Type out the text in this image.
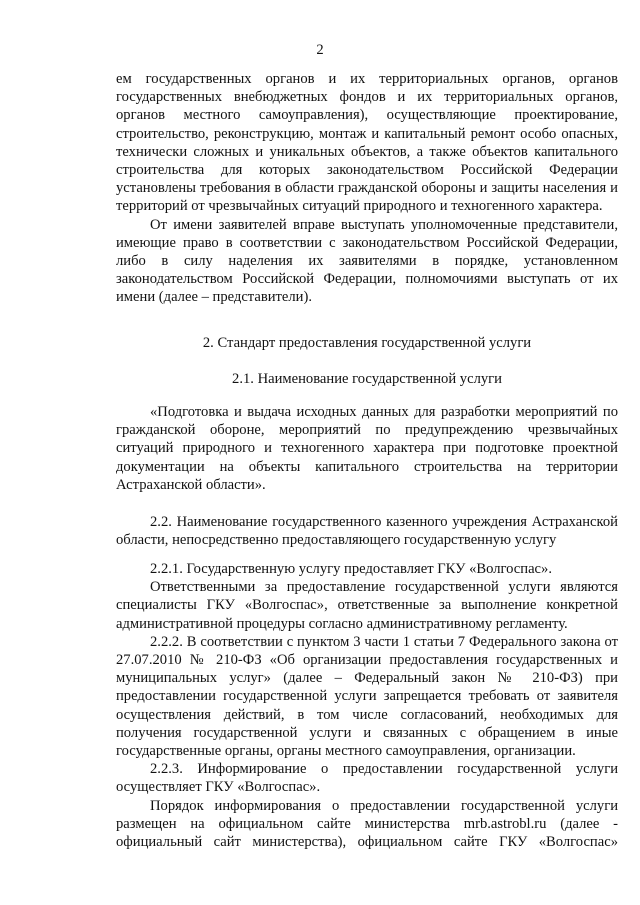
2

ем государственных органов и их территориальных органов, органов государственных внебюджетных фондов и их территориальных органов, органов местного самоуправления), осуществляющие проектирование, строительство, реконструкцию, монтаж и капитальный ремонт особо опасных, технически сложных и уникальных объектов, а также объектов капитального строительства для которых законодательством Российской Федерации установлены требования в области гражданской обороны и защиты населения и территорий от чрезвычайных ситуаций природного и техногенного характера.

От имени заявителей вправе выступать уполномоченные представители, имеющие право в соответствии с законодательством Российской Федерации, либо в силу наделения их заявителями в порядке, установленном законодательством Российской Федерации, полномочиями выступать от их имени (далее – представители).

2. Стандарт предоставления государственной услуги

2.1. Наименование государственной услуги

«Подготовка и выдача исходных данных для разработки мероприятий по гражданской обороне, мероприятий по предупреждению чрезвычайных ситуаций природного и техногенного характера при подготовке проектной документации на объекты капитального строительства на территории Астраханской области».

2.2. Наименование государственного казенного учреждения Астраханской области, непосредственно предоставляющего государственную услугу

2.2.1. Государственную услугу предоставляет ГКУ «Волгоспас».

Ответственными за предоставление государственной услуги являются специалисты ГКУ «Волгоспас», ответственные за выполнение конкретной административной процедуры согласно административному регламенту.

2.2.2. В соответствии с пунктом 3 части 1 статьи 7 Федерального закона от 27.07.2010 № 210-ФЗ «Об организации предоставления государственных и муниципальных услуг» (далее – Федеральный закон № 210-ФЗ) при предоставлении государственной услуги запрещается требовать от заявителя осуществления действий, в том числе согласований, необходимых для получения государственной услуги и связанных с обращением в иные государственные органы, органы местного самоуправления, организации.

2.2.3. Информирование о предоставлении государственной услуги осуществляет ГКУ «Волгоспас».

Порядок информирования о предоставлении государственной услуги размещен на официальном сайте министерства mrb.astrobl.ru (далее - официальный сайт министерства), официальном сайте ГКУ «Волгоспас»
